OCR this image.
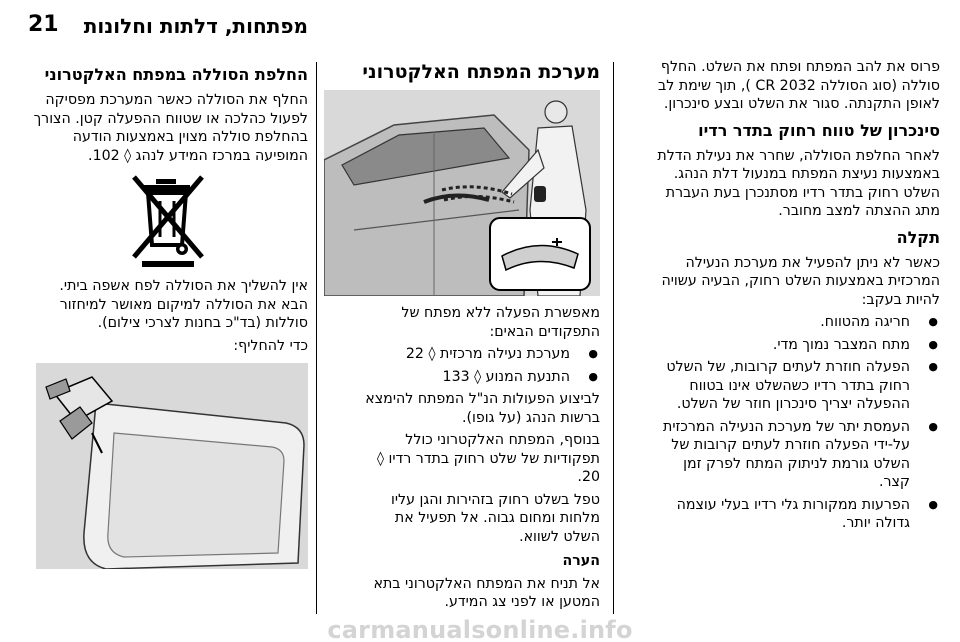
מפתחות, דלתות וחלונות
21

פרוס את להב המפתח ופתח את השלט. החלף סוללה (סוג הסוללה CR 2032 ), תוך שימת לב לאופן התקנתה. סגור את השלט ובצע סינכרון.

סינכרון של טווח רחוק בתדר רדיו

לאחר החלפת הסוללה, שחרר את נעילת הדלת באמצעות נעיצת המפתח במנעול דלת הנהג. השלט רחוק בתדר רדיו מסתנכרן בעת העברת מתג ההצתה למצב מחובר.

תקלה

כאשר לא ניתן להפעיל את מערכת הנעילה המרכזית באמצעות השלט רחוק, הבעיה עשויה להיות בעקב:

● חריגה מהטווח.
● מתח המצבר נמוך מדי.
● הפעלה חוזרת לעתים קרובות, של השלט רחוק בתדר רדיו כשהשלט אינו בטווח ההפעלה יצריך סינכרון חוזר של השלט.
● העמסת יתר של מערכת הנעילה המרכזית על-ידי הפעלה חוזרת לעתים קרובות של השלט גורמת לניתוק המתח לפרק זמן קצר.
● הפרעות ממקורות גלי רדיו בעלי עוצמה גדולה יותר.
מערכת המפתח האלקטרוני

מאפשרת הפעלה ללא מפתח של התפקודים הבאים:

● מערכת נעילה מרכזית ◊ 22
● התנעת המנוע ◊ 133

לביצוע הפעולות הנ"ל המפתח להימצא ברשות הנהג (על גופו).

בנוסף, המפתח האלקטרוני כולל תפקודיות של שלט רחוק בתדר רדיו ◊ 20.

טפל בשלט רחוק בזהירות והגן עליו מלחות ומחום גבוה. אל תפעיל את השלט לשווא.

הערה

אל תניח את המפתח האלקטרוני בתא המטען או לפני צג המידע.

החלפת הסוללה במפתח האלקטרוני

החלף את הסוללה כאשר המערכת מפסיקה לפעול כהלכה או שטווח ההפעלה קטן. הצורך בהחלפת סוללה מצוין באמצעות הודעה המופיעה במרכז המידע לנהג ◊ 102.

אין להשליך את הסוללה לפח אשפה ביתי. הבא את הסוללה למיקום מאושר למיחזור סוללות (בד"כ בחנות לצרכי צילום).

כדי להחליף:

carmanualsonline.info
